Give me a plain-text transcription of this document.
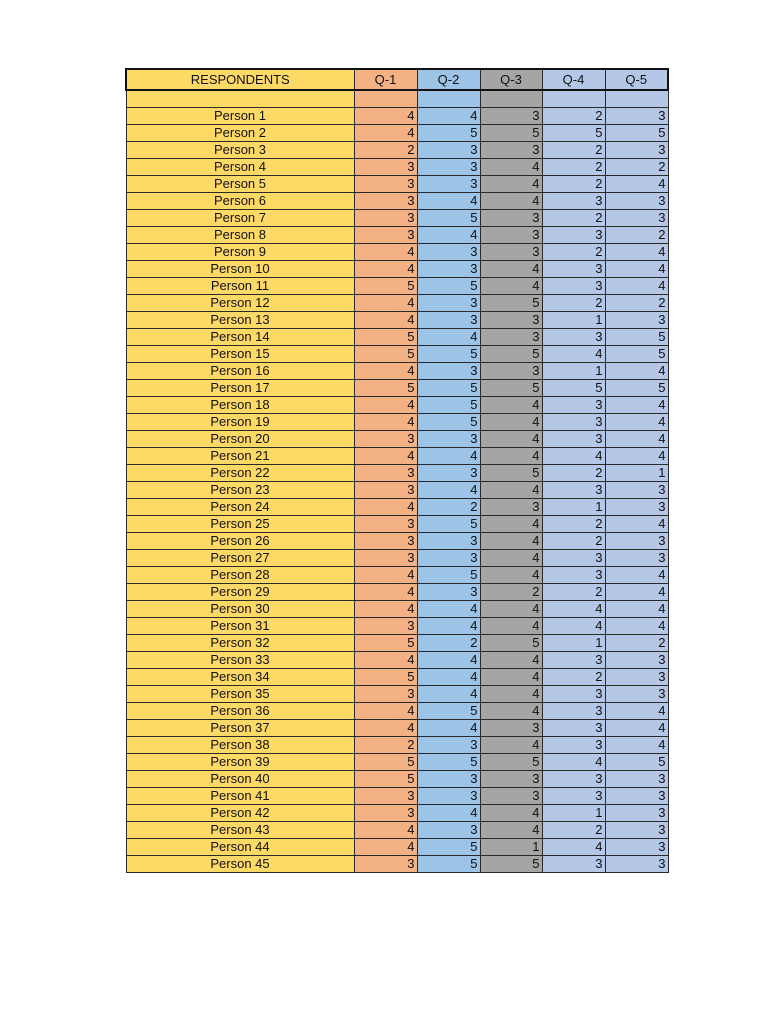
RESPONDENTS	Q-1	Q-2	Q-3	Q-4	Q-5

Person 1	4	4	3	2	3
Person 2	4	5	5	5	5
Person 3	2	3	3	2	3
Person 4	3	3	4	2	2
Person 5	3	3	4	2	4
Person 6	3	4	4	3	3
Person 7	3	5	3	2	3
Person 8	3	4	3	3	2
Person 9	4	3	3	2	4
Person 10	4	3	4	3	4
Person 11	5	5	4	3	4
Person 12	4	3	5	2	2
Person 13	4	3	3	1	3
Person 14	5	4	3	3	5
Person 15	5	5	5	4	5
Person 16	4	3	3	1	4
Person 17	5	5	5	5	5
Person 18	4	5	4	3	4
Person 19	4	5	4	3	4
Person 20	3	3	4	3	4
Person 21	4	4	4	4	4
Person 22	3	3	5	2	1
Person 23	3	4	4	3	3
Person 24	4	2	3	1	3
Person 25	3	5	4	2	4
Person 26	3	3	4	2	3
Person 27	3	3	4	3	3
Person 28	4	5	4	3	4
Person 29	4	3	2	2	4
Person 30	4	4	4	4	4
Person 31	3	4	4	4	4
Person 32	5	2	5	1	2
Person 33	4	4	4	3	3
Person 34	5	4	4	2	3
Person 35	3	4	4	3	3
Person 36	4	5	4	3	4
Person 37	4	4	3	3	4
Person 38	2	3	4	3	4
Person 39	5	5	5	4	5
Person 40	5	3	3	3	3
Person 41	3	3	3	3	3
Person 42	3	4	4	1	3
Person 43	4	3	4	2	3
Person 44	4	5	1	4	3
Person 45	3	5	5	3	3
